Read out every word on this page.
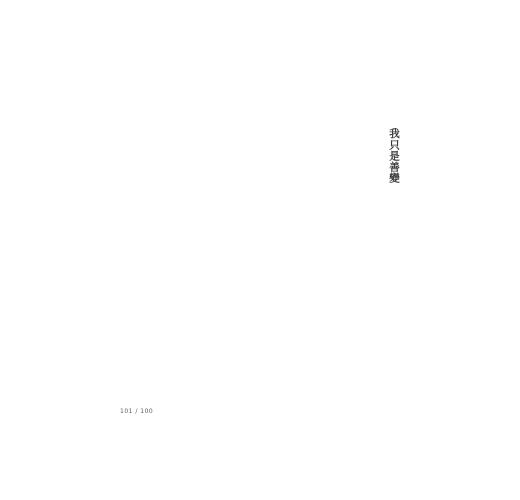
我只是善變
101 / 100
